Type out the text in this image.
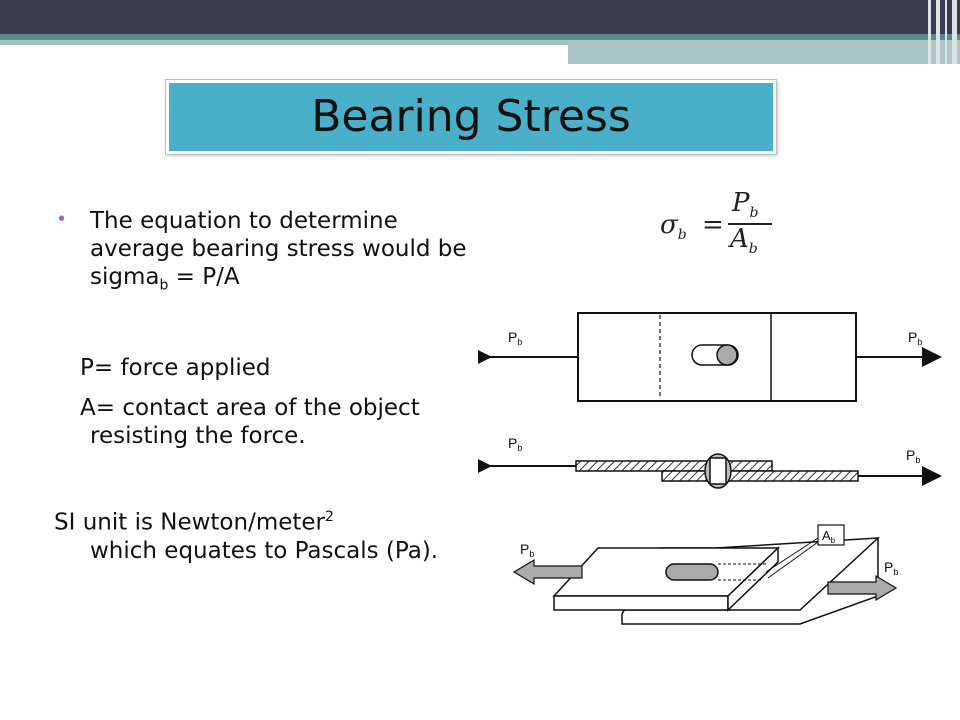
Bearing Stress
• The equation to determine average bearing stress would be sigma$_b$ = P/A
P= force applied
A= contact area of the object
resisting the force.
SI unit is Newton/meter$^2$
which equates to Pascals (Pa).
$\sigma_b$ =
$P_b$
$A_b$
$P_b$	$P_b$
$P_b$	$P_b$
$A_b$
$P_b$
$P_b$
